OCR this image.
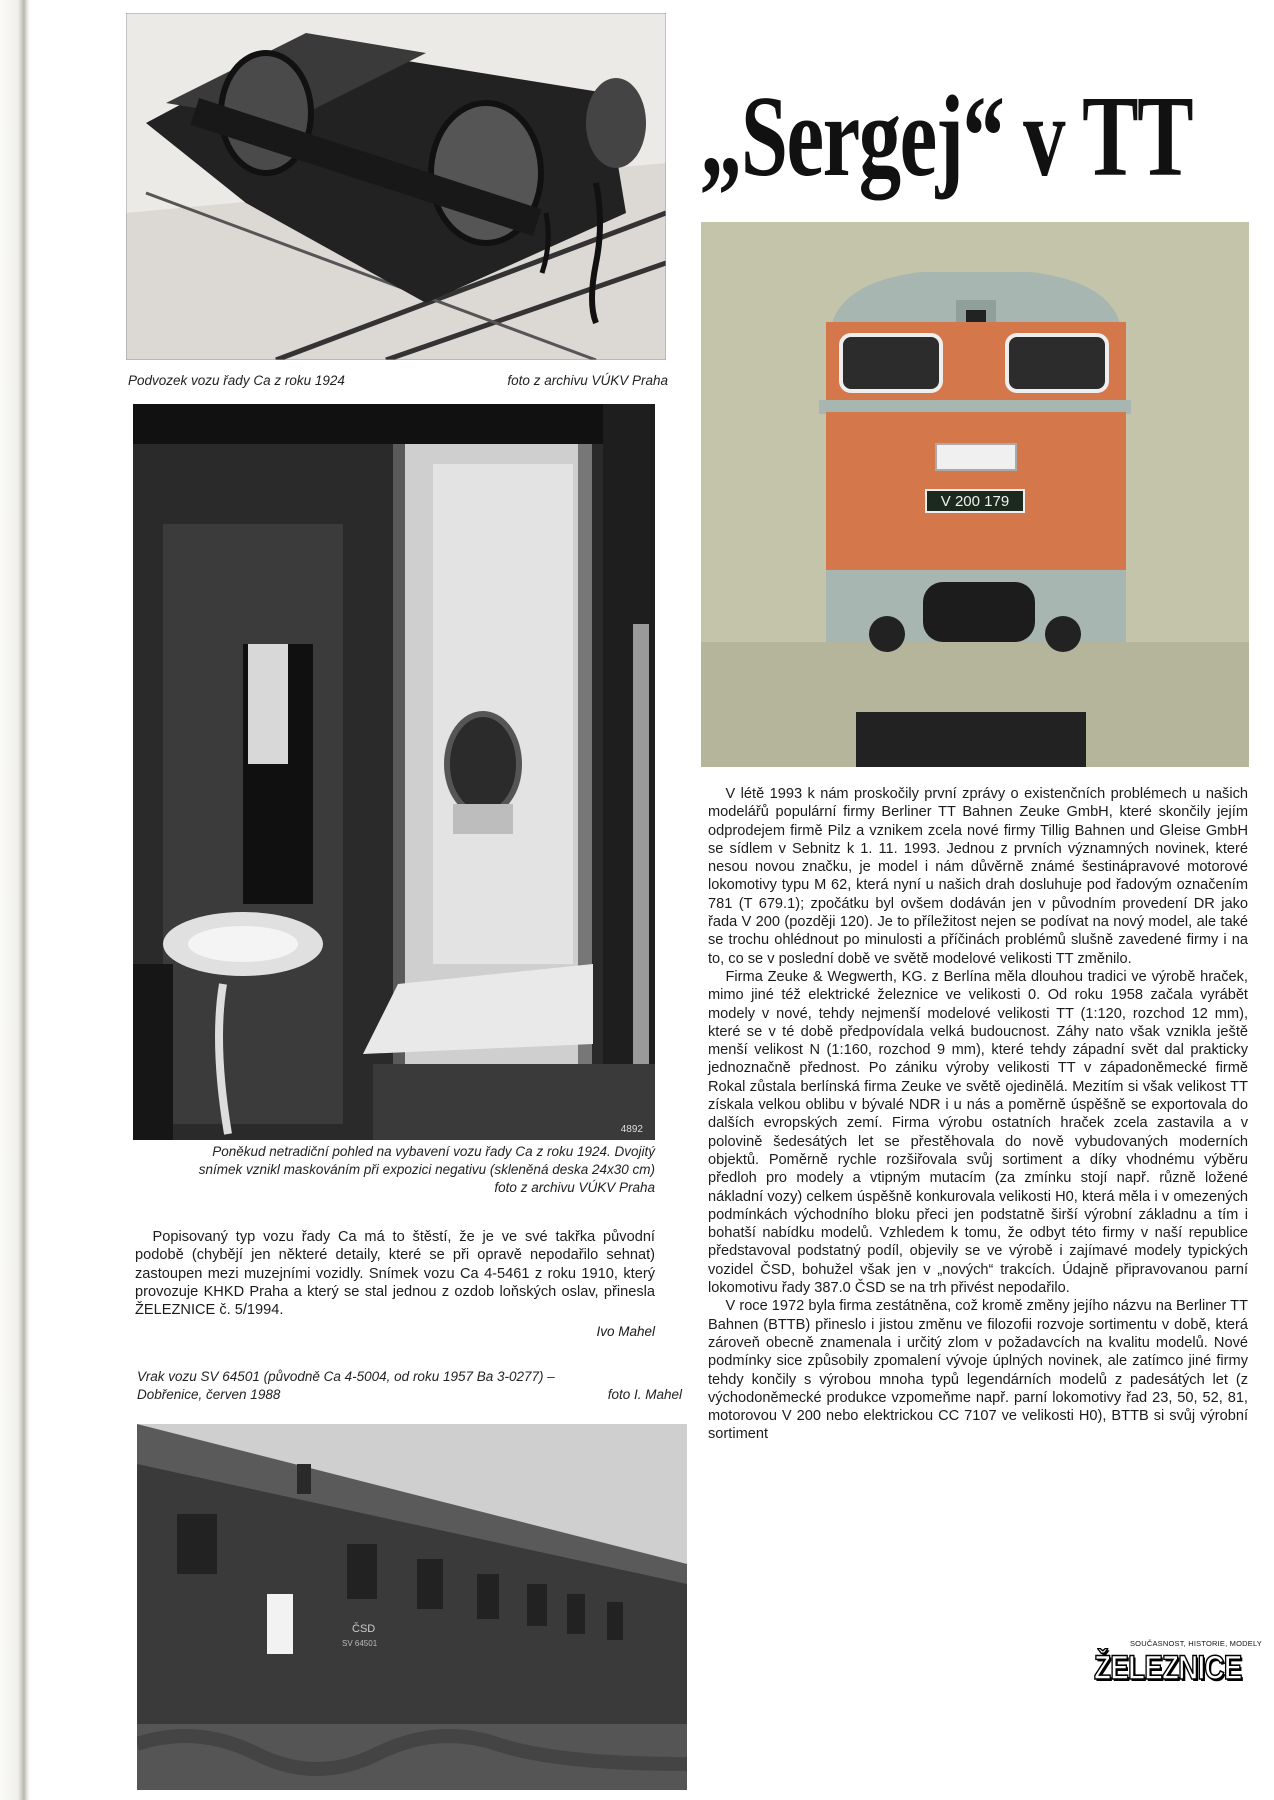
Podvozek vozu řady Ca z roku 1924	foto z archivu VÚKV Praha
4892
Poněkud netradiční pohled na vybavení vozu řady Ca z roku 1924. Dvojitý
snímek vznikl maskováním při expozici negativu (skleněná deska 24x30 cm)
foto z archivu VÚKV Praha

Popisovaný typ vozu řady Ca má to štěstí, že je ve své takřka původní podobě (chybějí jen některé detaily, které se při opravě nepodařilo sehnat) zastoupen mezi muzejními vozidly. Snímek vozu Ca 4-5461 z roku 1910, který provozuje KHKD Praha a který se stal jednou z ozdob loňských oslav, přinesla ŽELEZNICE č. 5/1994.

Ivo Mahel
Vrak vozu SV 64501 (původně Ca 4-5004, od roku 1957 Ba 3-0277) –
Dobřenice, červen 1988	foto I. Mahel
ČSD
SV 64501
„Sergej“ v TT
V 200 179

V létě 1993 k nám proskočily první zprávy o existenčních problémech u našich modelářů populární firmy Berliner TT Bahnen Zeuke GmbH, které skončily jejím odprodejem firmě Pilz a vznikem zcela nové firmy Tillig Bahnen und Gleise GmbH se sídlem v Sebnitz k 1. 11. 1993. Jednou z prvních významných novinek, které nesou novou značku, je model i nám důvěrně známé šestinápravové motorové lokomotivy typu M 62, která nyní u našich drah dosluhuje pod řadovým označením 781 (T 679.1); zpočátku byl ovšem dodáván jen v původním provedení DR jako řada V 200 (později 120). Je to příležitost nejen se podívat na nový model, ale také se trochu ohlédnout po minulosti a příčinách problémů slušně zavedené firmy i na to, co se v poslední době ve světě modelové velikosti TT změnilo.

Firma Zeuke & Wegwerth, KG. z Berlína měla dlouhou tradici ve výrobě hraček, mimo jiné též elektrické železnice ve velikosti 0. Od roku 1958 začala vyrábět modely v nové, tehdy nejmenší modelové velikosti TT (1:120, rozchod 12 mm), které se v té době předpovídala velká budoucnost. Záhy nato však vznikla ještě menší velikost N (1:160, rozchod 9 mm), které tehdy západní svět dal prakticky jednoznačně přednost. Po zániku výroby velikosti TT v západoněmecké firmě Rokal zůstala berlínská firma Zeuke ve světě ojedinělá. Mezitím si však velikost TT získala velkou oblibu v bývalé NDR i u nás a poměrně úspěšně se exportovala do dalších evropských zemí. Firma výrobu ostatních hraček zcela zastavila a v polovině šedesátých let se přestěhovala do nově vybudovaných moderních objektů. Poměrně rychle rozšiřovala svůj sortiment a díky vhodnému výběru předloh pro modely a vtipným mutacím (za zmínku stojí např. různě ložené nákladní vozy) celkem úspěšně konkurovala velikosti H0, která měla i v omezených podmínkách východního bloku přeci jen podstatně širší výrobní základnu a tím i bohatší nabídku modelů. Vzhledem k tomu, že odbyt této firmy v naší republice představoval podstatný podíl, objevily se ve výrobě i zajímavé modely typických vozidel ČSD, bohužel však jen v „nových“ trakcích. Údajně připravovanou parní lokomotivu řady 387.0 ČSD se na trh přivést nepodařilo.

V roce 1972 byla firma zestátněna, což kromě změny jejího názvu na Berliner TT Bahnen (BTTB) přineslo i jistou změnu ve filozofii rozvoje sortimentu v době, která zároveň obecně znamenala i určitý zlom v požadavcích na kvalitu modelů. Nové podmínky sice způsobily zpomalení vývoje úplných novinek, ale zatímco jiné firmy tehdy končily s výrobou mnoha typů legendárních modelů z padesátých let (z východoněmecké produkce vzpomeňme např. parní lokomotivy řad 23, 50, 52, 81, motorovou V 200 nebo elektrickou CC 7107 ve velikosti H0), BTTB si svůj výrobní sortiment

SOUČASNOST, HISTORIE, MODELY
ŽELEZNICE
